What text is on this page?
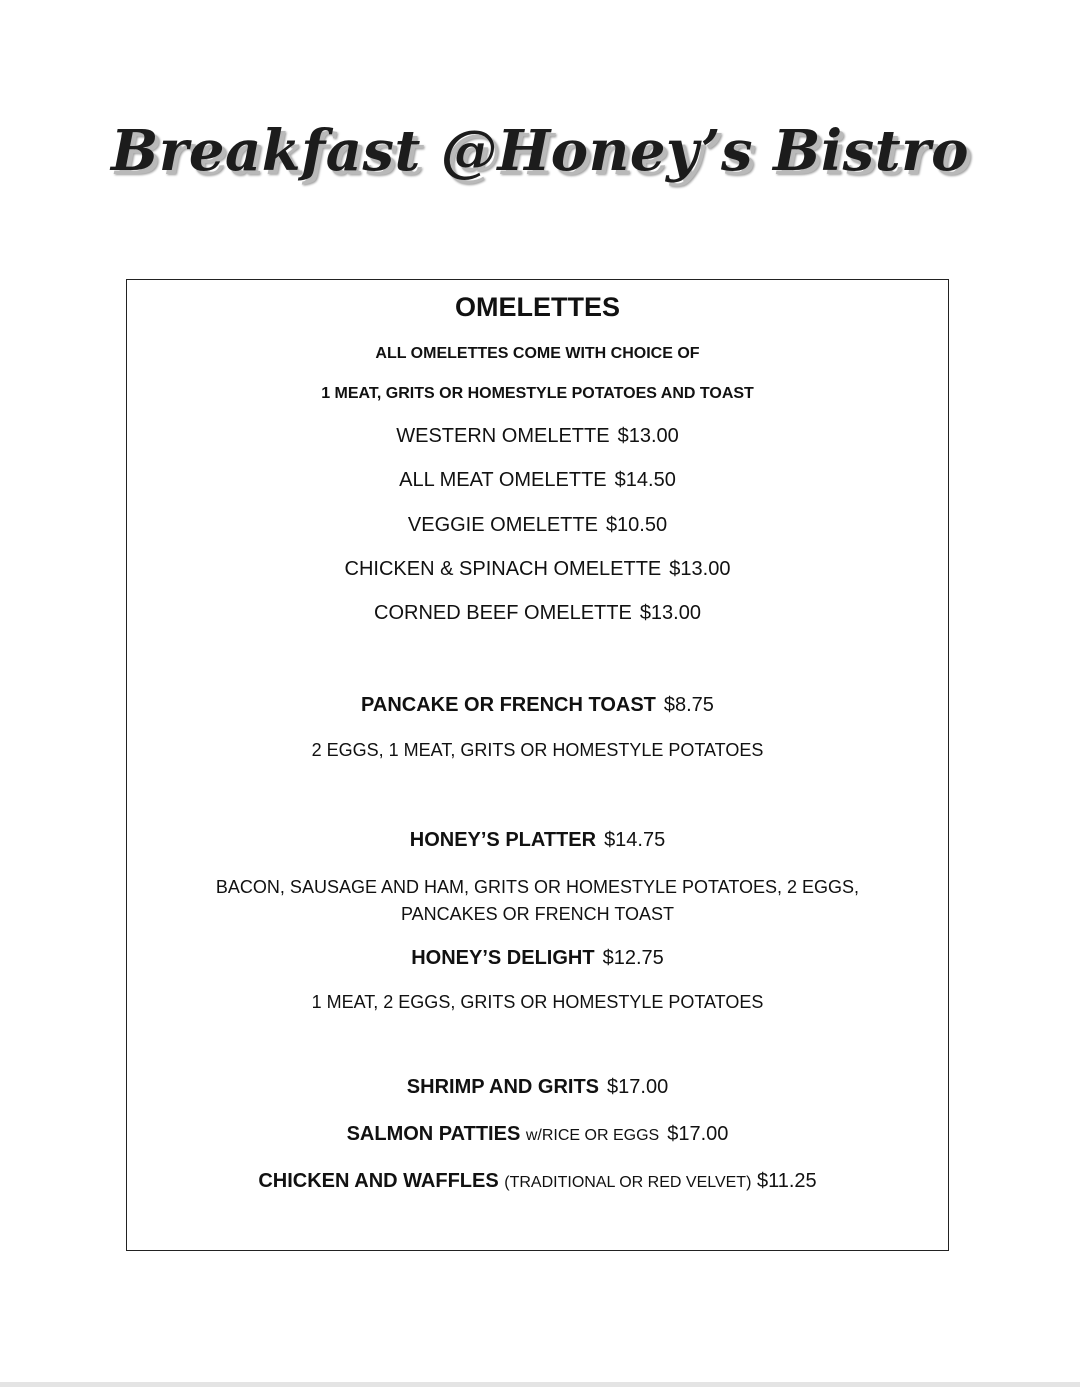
Breakfast @Honey’s Bistro
OMELETTES
ALL OMELETTES COME WITH CHOICE OF
1 MEAT, GRITS OR HOMESTYLE POTATOES AND TOAST
WESTERN OMELETTE $13.00
ALL MEAT OMELETTE $14.50
VEGGIE OMELETTE $10.50
CHICKEN & SPINACH OMELETTE $13.00
CORNED BEEF OMELETTE $13.00
PANCAKE OR FRENCH TOAST $8.75
2 EGGS, 1 MEAT, GRITS OR HOMESTYLE POTATOES
HONEY’S PLATTER $14.75
BACON, SAUSAGE AND HAM, GRITS OR HOMESTYLE POTATOES, 2 EGGS, PANCAKES OR FRENCH TOAST
HONEY’S DELIGHT $12.75
1 MEAT, 2 EGGS, GRITS OR HOMESTYLE POTATOES
SHRIMP AND GRITS $17.00
SALMON PATTIES w/RICE OR EGGS $17.00
CHICKEN AND WAFFLES (TRADITIONAL OR RED VELVET) $11.25
